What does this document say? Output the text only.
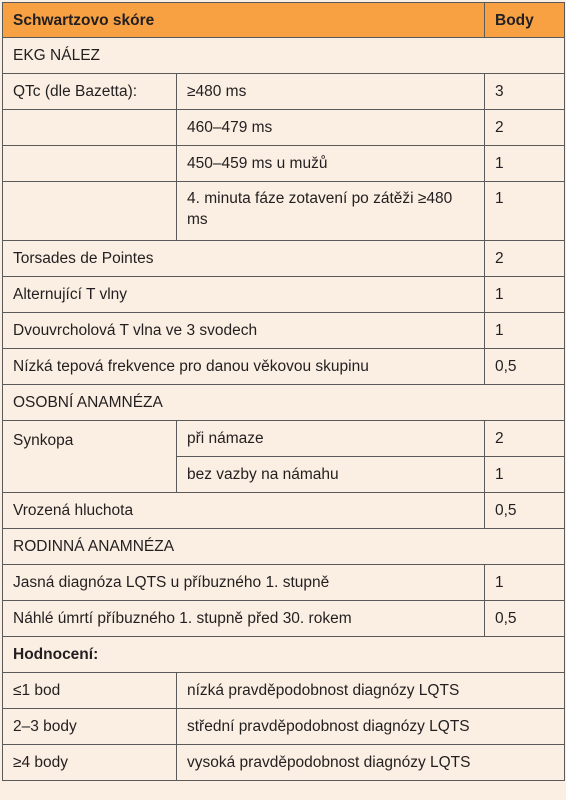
Schwartzovo skóre		Body
EKG NÁLEZ		
QTc (dle Bazetta):	≥480 ms	3
	460–479 ms	2
	450–459 ms u mužů	1
	4. minuta fáze zotavení po zátěži ≥480 ms	1
Torsades de Pointes		2
Alternující T vlny		1
Dvouvrcholová T vlna ve 3 svodech		1
Nízká tepová frekvence pro danou věkovou skupinu		0,5
OSOBNÍ ANAMNÉZA		
Synkopa	při námaze	2
	bez vazby na námahu	1
Vrozená hluchota		0,5
RODINNÁ ANAMNÉZA		
Jasná diagnóza LQTS u příbuzného 1. stupně		1
Náhlé úmrtí příbuzného 1. stupně před 30. rokem		0,5
Hodnocení:		
≤1 bod	nízká pravděpodobnost diagnózy LQTS	
2–3 body	střední pravděpodobnost diagnózy LQTS	
≥4 body	vysoká pravděpodobnost diagnózy LQTS	
